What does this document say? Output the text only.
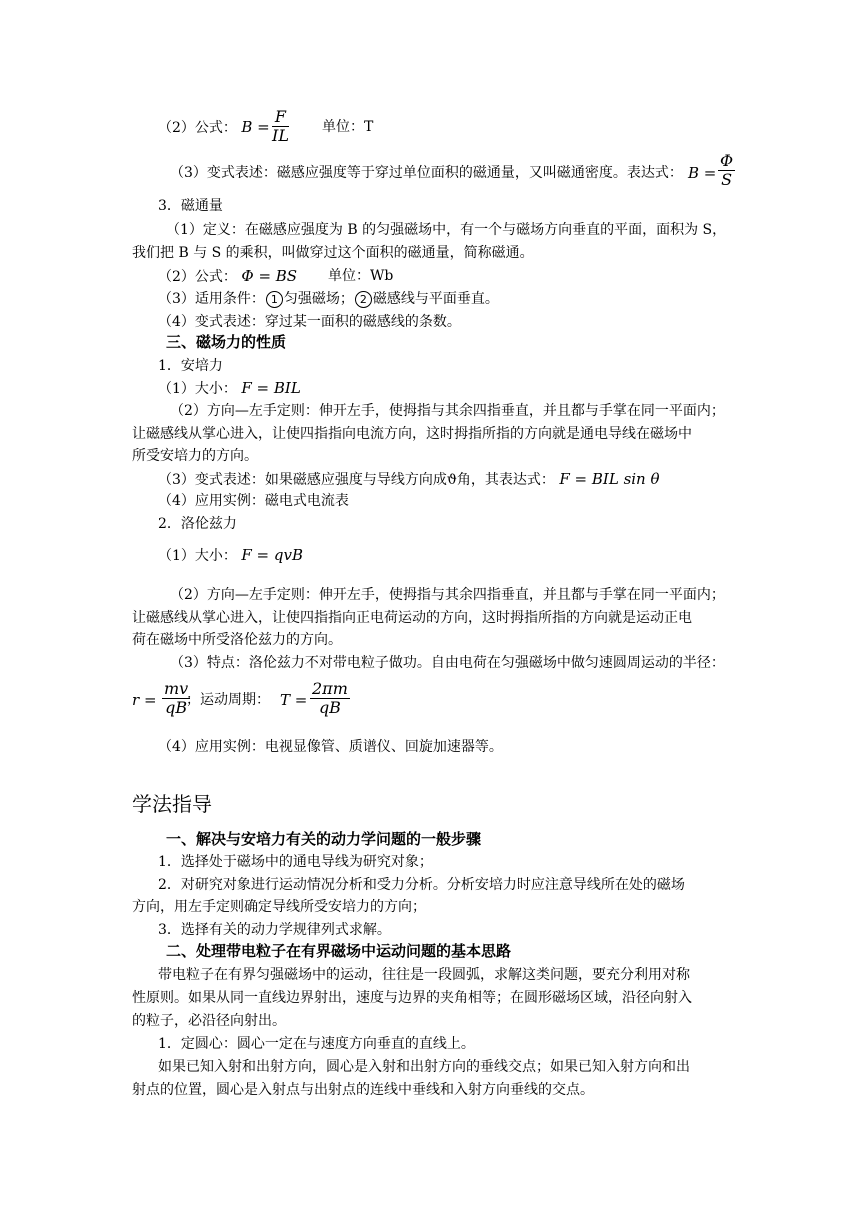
（2）公式： $B = \frac{F}{IL}$ 单位：T
（3）变式表述：磁感应强度等于穿过单位面积的磁通量，又叫磁通密度。表达式： $B = \frac{\Phi}{S}$
3．磁通量
（1）定义：在磁感应强度为 B 的匀强磁场中，有一个与磁场方向垂直的平面，面积为 S，
我们把 B 与 S 的乘积，叫做穿过这个面积的磁通量，简称磁通。
（2）公式： Φ = BS 单位：Wb
（3）适用条件： 1 匀强磁场； 2 磁感线与平面垂直。
（4）变式表述：穿过某一面积的磁感线的条数。
三、磁场力的性质
1．安培力
（1）大小： F = BIL
（2）方向—左手定则：伸开左手，使拇指与其余四指垂直，并且都与手掌在同一平面内；
让磁感线从掌心进入，让使四指指向电流方向，这时拇指所指的方向就是通电导线在磁场中
所受安培力的方向。
（3）变式表述：如果磁感应强度与导线方向成ϑ角，其表达式： F = BIL sin θ
（4）应用实例：磁电式电流表
2．洛伦兹力
（1）大小： F = qvB
（2）方向—左手定则：伸开左手，使拇指与其余四指垂直，并且都与手掌在同一平面内；
让磁感线从掌心进入，让使四指指向正电荷运动的方向，这时拇指所指的方向就是运动正电
荷在磁场中所受洛伦兹力的方向。
（3）特点：洛伦兹力不对带电粒子做功。自由电荷在匀强磁场中做匀速圆周运动的半径：
$r = \frac{mv}{qB}$
；运动周期： $T = \frac{2\pi m}{qB}$
（4）应用实例：电视显像管、质谱仪、回旋加速器等。
学法指导
一、解决与安培力有关的动力学问题的一般步骤
1．选择处于磁场中的通电导线为研究对象；
2．对研究对象进行运动情况分析和受力分析。分析安培力时应注意导线所在处的磁场
方向，用左手定则确定导线所受安培力的方向；
3．选择有关的动力学规律列式求解。
二、处理带电粒子在有界磁场中运动问题的基本思路
带电粒子在有界匀强磁场中的运动，往往是一段圆弧，求解这类问题，要充分利用对称
性原则。如果从同一直线边界射出，速度与边界的夹角相等；在圆形磁场区域，沿径向射入
的粒子，必沿径向射出。
1．定圆心：圆心一定在与速度方向垂直的直线上。
如果已知入射和出射方向，圆心是入射和出射方向的垂线交点；如果已知入射方向和出
射点的位置，圆心是入射点与出射点的连线中垂线和入射方向垂线的交点。
